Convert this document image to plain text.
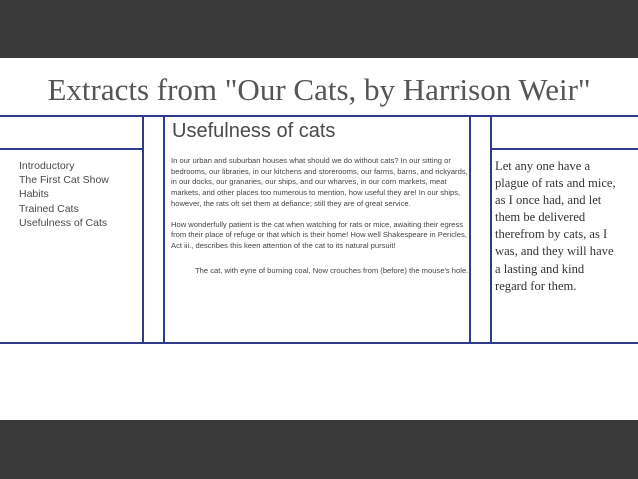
Extracts from "Our Cats, by Harrison Weir"
Introductory
The First Cat Show
Habits
Trained Cats
Usefulness of Cats
Usefulness of cats

In our urban and suburban houses what should we do without cats? In our sitting or bedrooms, our libraries, in our kitchens and storerooms, our farms, barns, and rickyards, in our docks, our granaries, our ships, and our wharves, in our corn markets, meat markets, and other places too numerous to mention, how useful they are! In our ships, however, the rats oft set them at defiance; still they are of great service.

How wonderfully patient is the cat when watching for rats or mice, awaiting their egress from their place of refuge or that which is their home! How well Shakespeare in Pericles, Act iii., describes this keen attention of the cat to its natural pursuit!

The cat, with eyne of burning coal, Now crouches from (before) the mouse's hole.

Let any one have a plague of rats and mice, as I once had, and let them be delivered therefrom by cats, as I was, and they will have a lasting and kind regard for them.
